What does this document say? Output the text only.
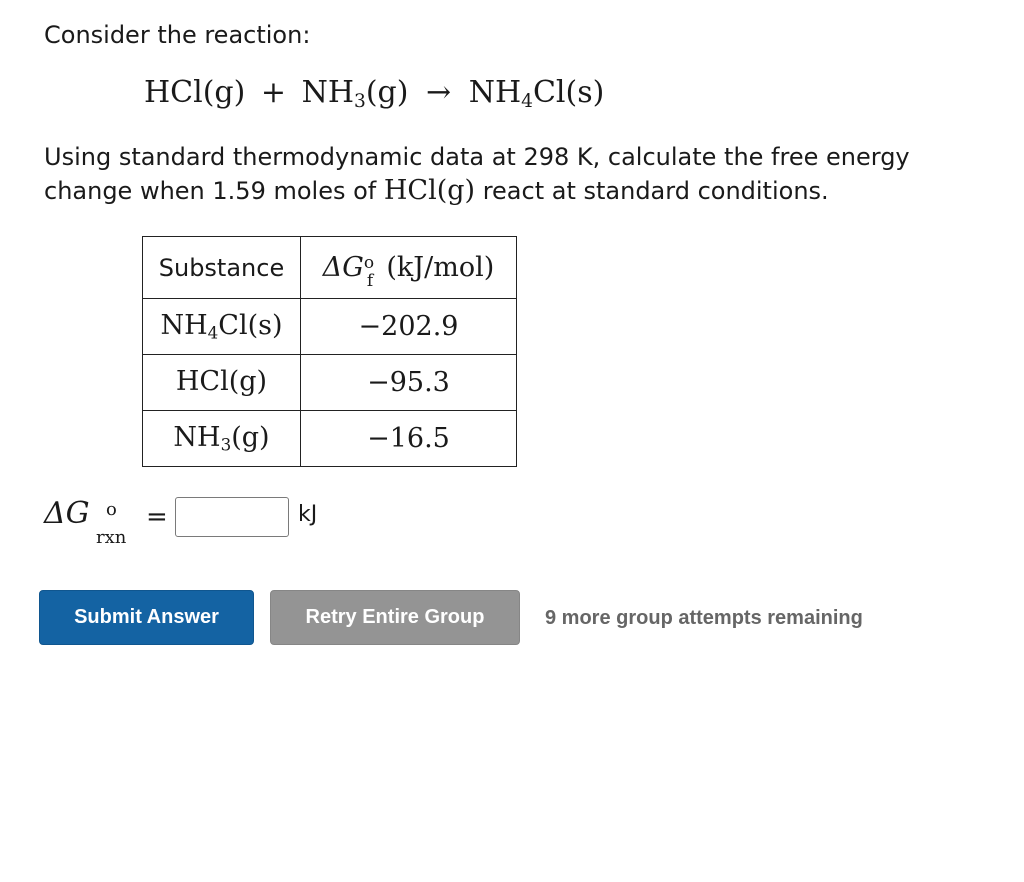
Consider the reaction:
HCl(g) + NH3(g) → NH4Cl(s)
Using standard thermodynamic data at 298 K, calculate the free energy
change when 1.59 moles of HCl(g) react at standard conditions.
Substance	ΔG o
f (kJ/mol)
NH4Cl(s)	−202.9
HCl(g)	−95.3
NH3(g)	−16.5
ΔG o
rxn
=	kJ
Submit Answer	Retry Entire Group	9 more group attempts remaining
